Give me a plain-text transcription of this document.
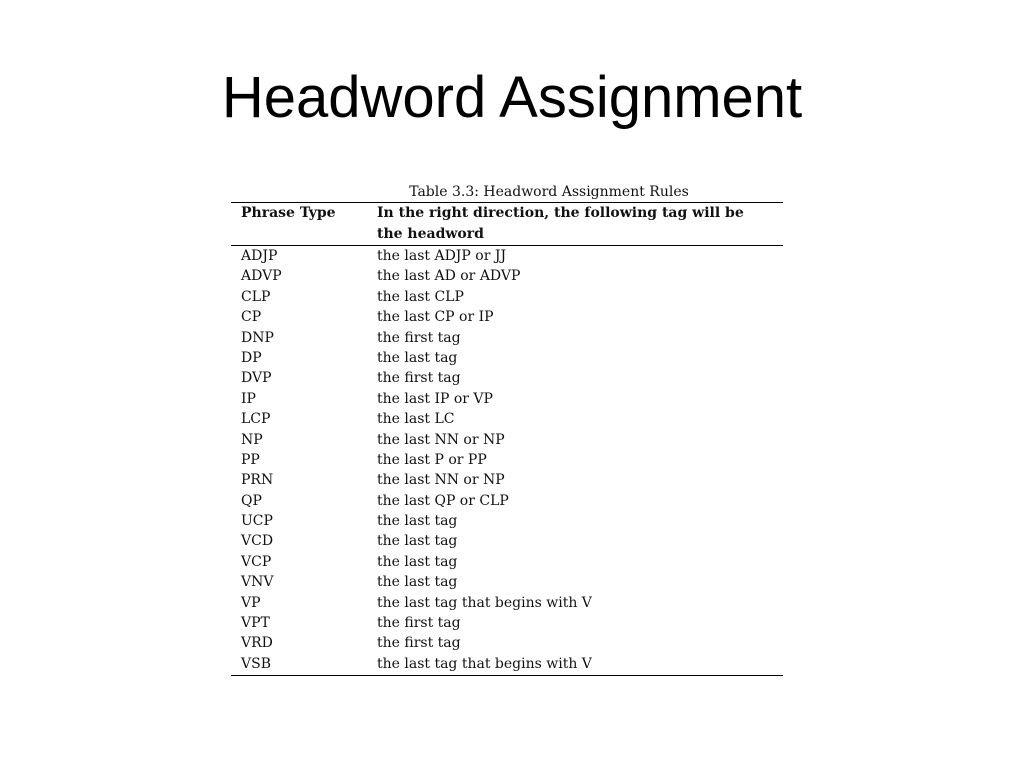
Headword Assignment
Table 3.3: Headword Assignment Rules
Phrase Type	In the right direction, the following tag will be
the headword
ADJP	the last ADJP or JJ
ADVP	the last AD or ADVP
CLP	the last CLP
CP	the last CP or IP
DNP	the first tag
DP	the last tag
DVP	the first tag
IP	the last IP or VP
LCP	the last LC
NP	the last NN or NP
PP	the last P or PP
PRN	the last NN or NP
QP	the last QP or CLP
UCP	the last tag
VCD	the last tag
VCP	the last tag
VNV	the last tag
VP	the last tag that begins with V
VPT	the first tag
VRD	the first tag
VSB	the last tag that begins with V
